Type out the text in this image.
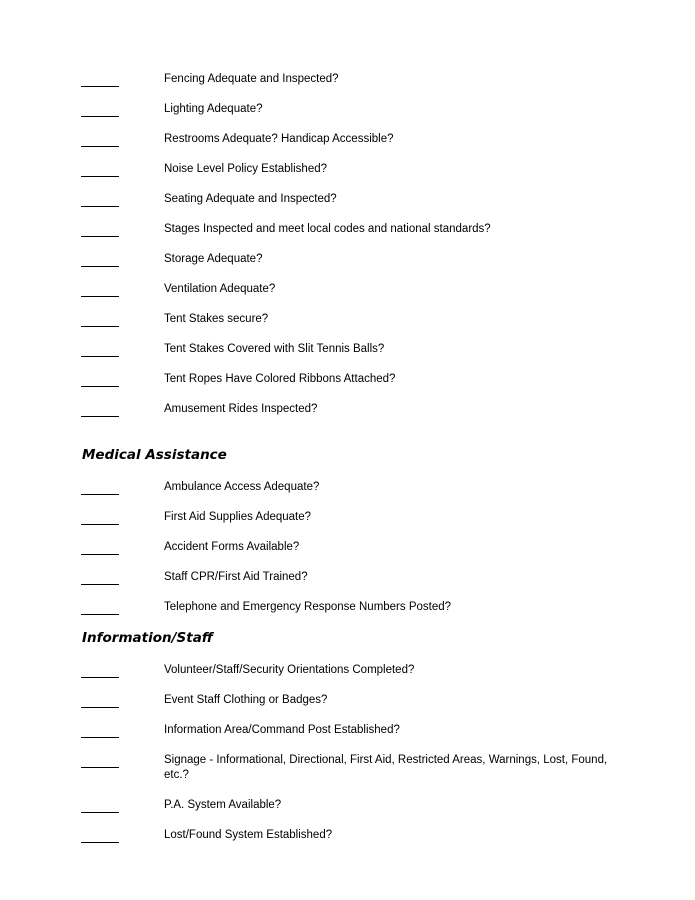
Fencing Adequate and Inspected?
Lighting Adequate?
Restrooms Adequate? Handicap Accessible?
Noise Level Policy Established?
Seating Adequate and Inspected?
Stages Inspected and meet local codes and national standards?
Storage Adequate?
Ventilation Adequate?
Tent Stakes secure?
Tent Stakes Covered with Slit Tennis Balls?
Tent Ropes Have Colored Ribbons Attached?
Amusement Rides Inspected?
Medical Assistance
Ambulance Access Adequate?
First Aid Supplies Adequate?
Accident Forms Available?
Staff CPR/First Aid Trained?
Telephone and Emergency Response Numbers Posted?
Information/Staff
Volunteer/Staff/Security Orientations Completed?
Event Staff Clothing or Badges?
Information Area/Command Post Established?
Signage - Informational, Directional, First Aid, Restricted Areas, Warnings, Lost, Found, etc.?
P.A. System Available?
Lost/Found System Established?
